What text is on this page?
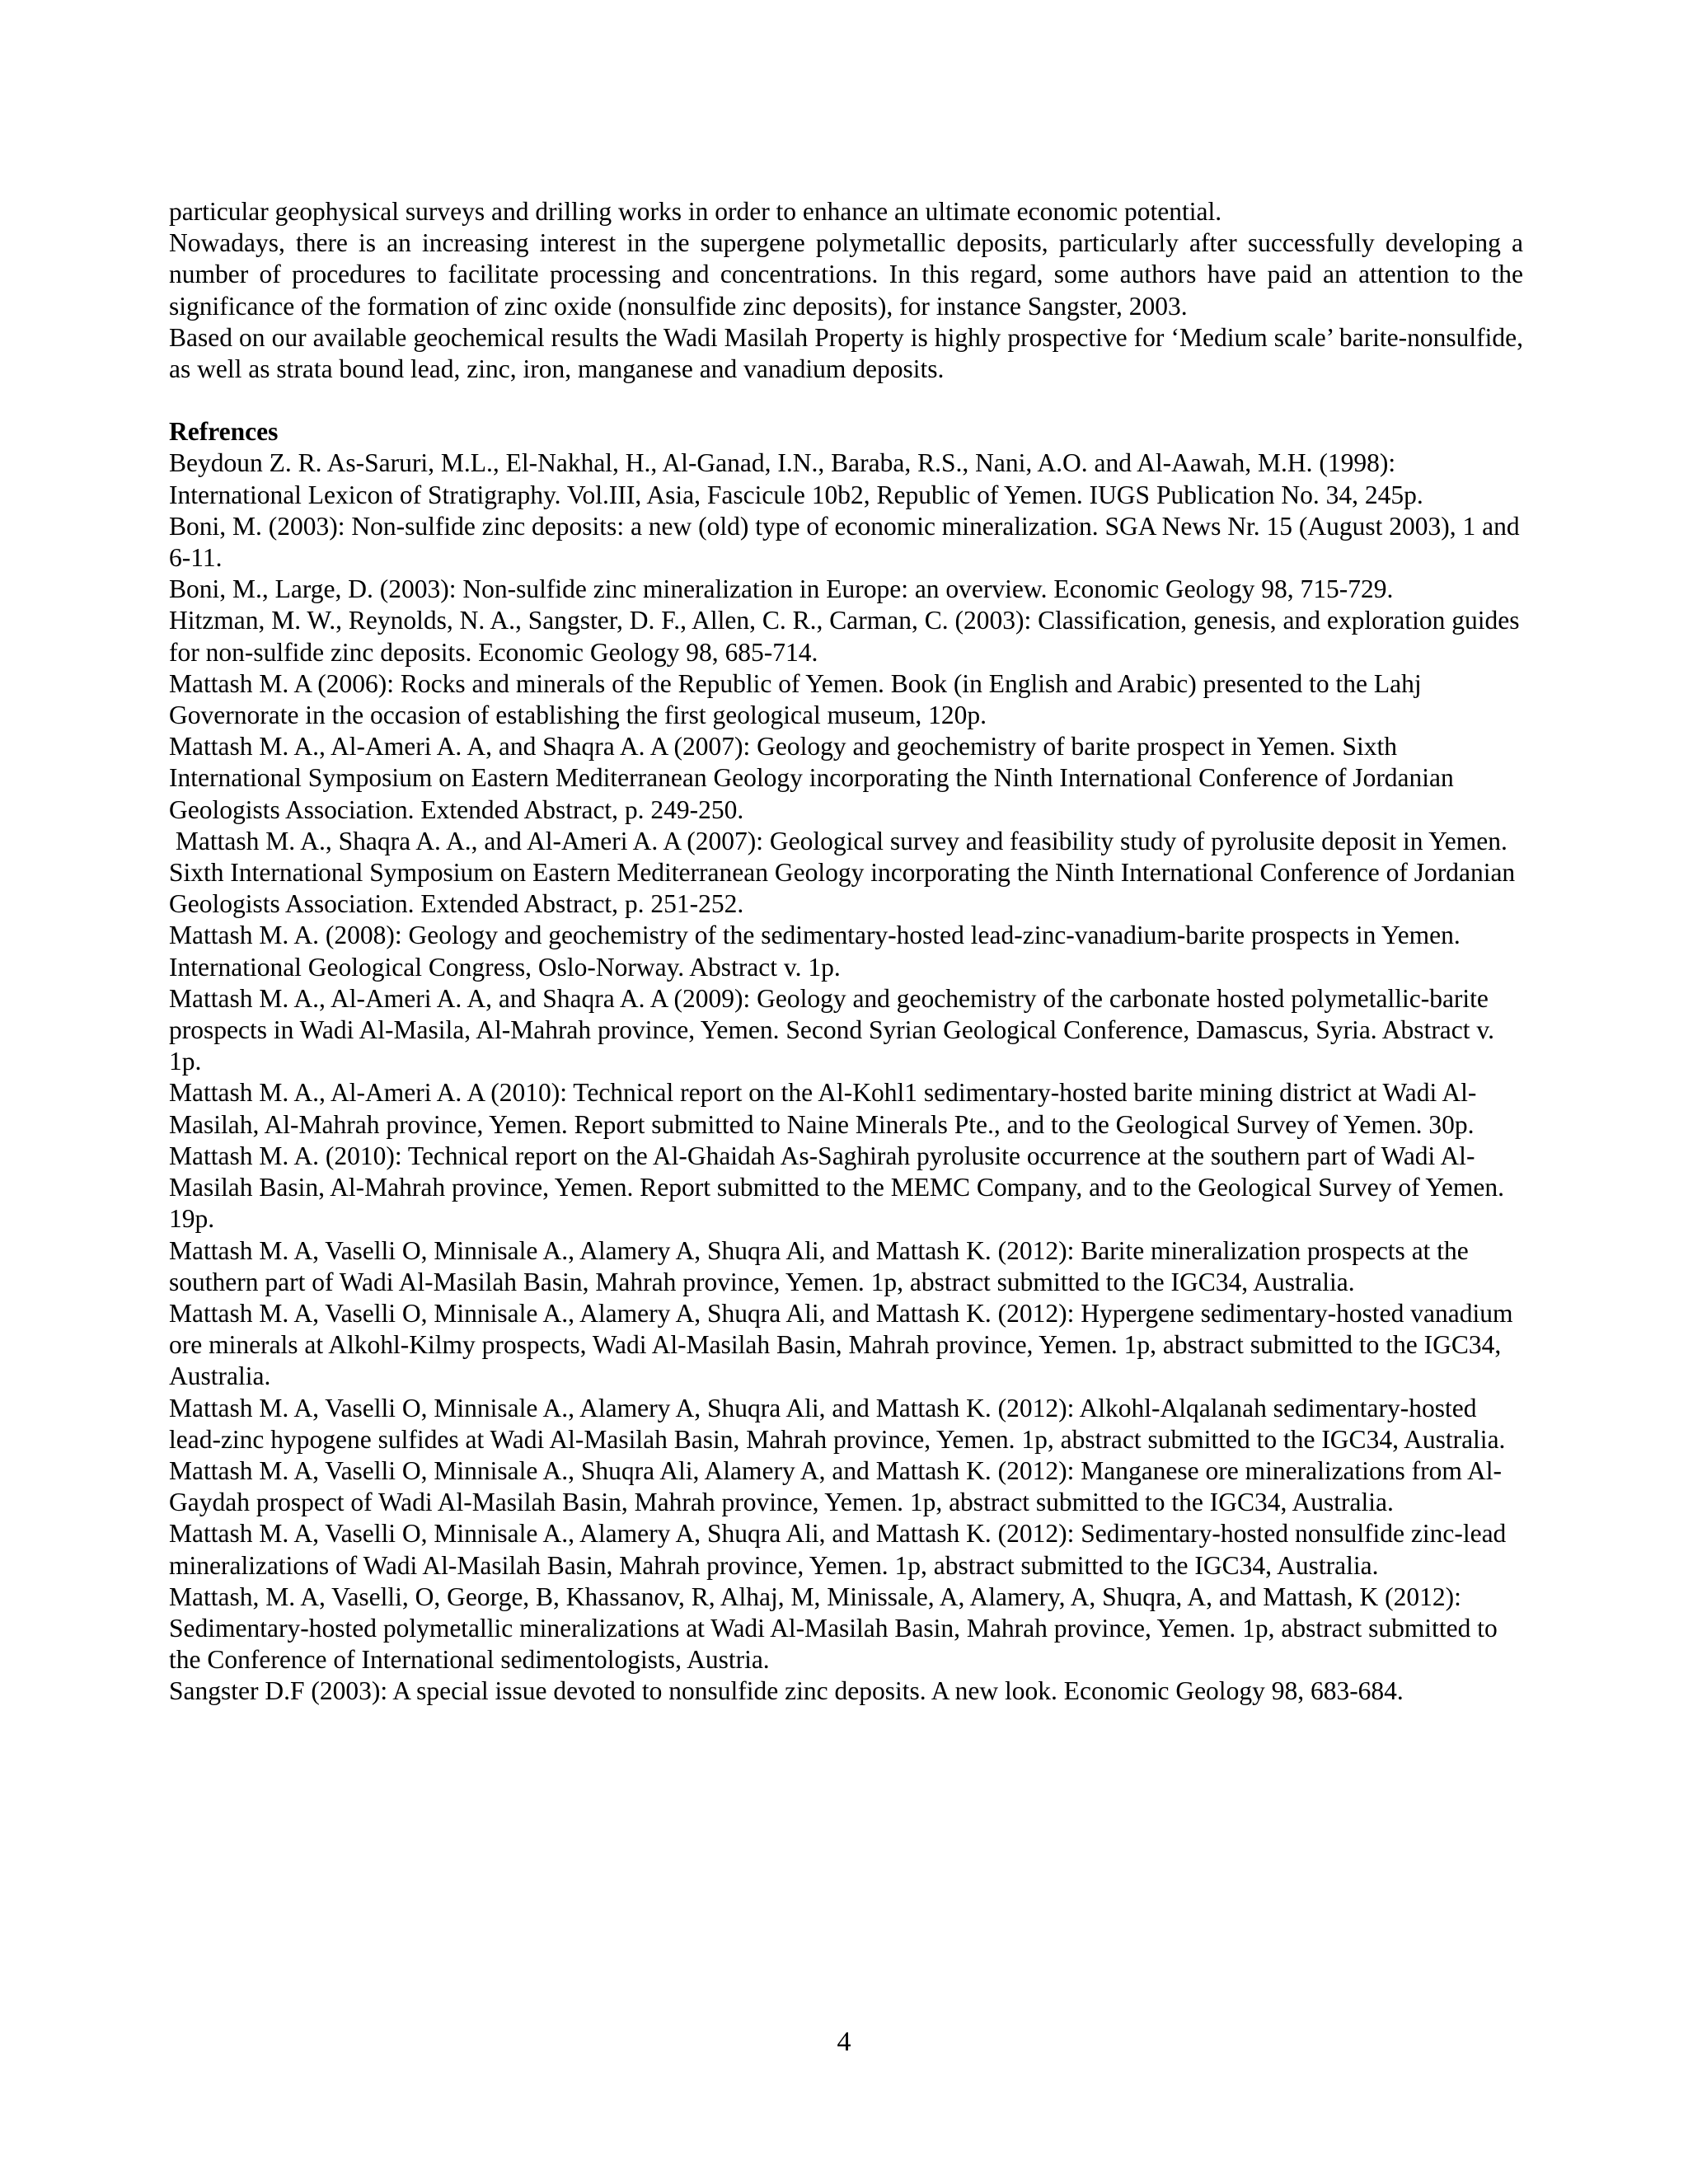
particular geophysical surveys and drilling works in order to enhance an ultimate economic potential.

Nowadays, there is an increasing interest in the supergene polymetallic deposits, particularly after successfully developing a number of procedures to facilitate processing and concentrations. In this regard, some authors have paid an attention to the significance of the formation of zinc oxide (nonsulfide zinc deposits), for instance Sangster, 2003.

Based on our available geochemical results the Wadi Masilah Property is highly prospective for ‘Medium scale’ barite-nonsulfide, as well as strata bound lead, zinc, iron, manganese and vanadium deposits.

Refrences

Beydoun Z. R. As-Saruri, M.L., El-Nakhal, H., Al-Ganad, I.N., Baraba, R.S., Nani, A.O. and Al-Aawah, M.H. (1998): International Lexicon of Stratigraphy. Vol.III, Asia, Fascicule 10b2, Republic of Yemen. IUGS Publication No. 34, 245p.
Boni, M. (2003): Non-sulfide zinc deposits: a new (old) type of economic mineralization. SGA News Nr. 15 (August 2003), 1 and 6-11.
Boni, M., Large, D. (2003): Non-sulfide zinc mineralization in Europe: an overview. Economic Geology 98, 715-729.
Hitzman, M. W., Reynolds, N. A., Sangster, D. F., Allen, C. R., Carman, C. (2003): Classification, genesis, and exploration guides for non-sulfide zinc deposits. Economic Geology 98, 685-714.
Mattash M. A (2006): Rocks and minerals of the Republic of Yemen. Book (in English and Arabic) presented to the Lahj Governorate in the occasion of establishing the first geological museum, 120p.
Mattash M. A., Al-Ameri A. A, and Shaqra A. A (2007): Geology and geochemistry of barite prospect in Yemen. Sixth International Symposium on Eastern Mediterranean Geology incorporating the Ninth International Conference of Jordanian Geologists Association. Extended Abstract, p. 249-250.
Mattash M. A., Shaqra A. A., and Al-Ameri A. A (2007): Geological survey and feasibility study of pyrolusite deposit in Yemen. Sixth International Symposium on Eastern Mediterranean Geology incorporating the Ninth International Conference of Jordanian Geologists Association. Extended Abstract, p. 251-252.
Mattash M. A. (2008): Geology and geochemistry of the sedimentary-hosted lead-zinc-vanadium-barite prospects in Yemen. International Geological Congress, Oslo-Norway. Abstract v. 1p.
Mattash M. A., Al-Ameri A. A, and Shaqra A. A (2009): Geology and geochemistry of the carbonate hosted polymetallic-barite prospects in Wadi Al-Masila, Al-Mahrah province, Yemen. Second Syrian Geological Conference, Damascus, Syria. Abstract v. 1p.
Mattash M. A., Al-Ameri A. A (2010): Technical report on the Al-Kohl1 sedimentary-hosted barite mining district at Wadi Al-Masilah, Al-Mahrah province, Yemen. Report submitted to Naine Minerals Pte., and to the Geological Survey of Yemen. 30p.
Mattash M. A. (2010): Technical report on the Al-Ghaidah As-Saghirah pyrolusite occurrence at the southern part of Wadi Al-Masilah Basin, Al-Mahrah province, Yemen. Report submitted to the MEMC Company, and to the Geological Survey of Yemen. 19p.
Mattash M. A, Vaselli O, Minnisale A., Alamery A, Shuqra Ali, and Mattash K. (2012): Barite mineralization prospects at the southern part of Wadi Al-Masilah Basin, Mahrah province, Yemen. 1p, abstract submitted to the IGC34, Australia.
Mattash M. A, Vaselli O, Minnisale A., Alamery A, Shuqra Ali, and Mattash K. (2012): Hypergene sedimentary-hosted vanadium ore minerals at Alkohl-Kilmy prospects, Wadi Al-Masilah Basin, Mahrah province, Yemen. 1p, abstract submitted to the IGC34, Australia.
Mattash M. A, Vaselli O, Minnisale A., Alamery A, Shuqra Ali, and Mattash K. (2012): Alkohl-Alqalanah sedimentary-hosted lead-zinc hypogene sulfides at Wadi Al-Masilah Basin, Mahrah province, Yemen. 1p, abstract submitted to the IGC34, Australia.
Mattash M. A, Vaselli O, Minnisale A., Shuqra Ali, Alamery A, and Mattash K. (2012): Manganese ore mineralizations from Al-Gaydah prospect of Wadi Al-Masilah Basin, Mahrah province, Yemen. 1p, abstract submitted to the IGC34, Australia.
Mattash M. A, Vaselli O, Minnisale A., Alamery A, Shuqra Ali, and Mattash K. (2012): Sedimentary-hosted nonsulfide zinc-lead mineralizations of Wadi Al-Masilah Basin, Mahrah province, Yemen. 1p, abstract submitted to the IGC34, Australia.
Mattash, M. A, Vaselli, O, George, B, Khassanov, R, Alhaj, M, Minissale, A, Alamery, A, Shuqra, A, and Mattash, K (2012): Sedimentary-hosted polymetallic mineralizations at Wadi Al-Masilah Basin, Mahrah province, Yemen. 1p, abstract submitted to the Conference of International sedimentologists, Austria.
Sangster D.F (2003): A special issue devoted to nonsulfide zinc deposits. A new look. Economic Geology 98, 683-684.
4
